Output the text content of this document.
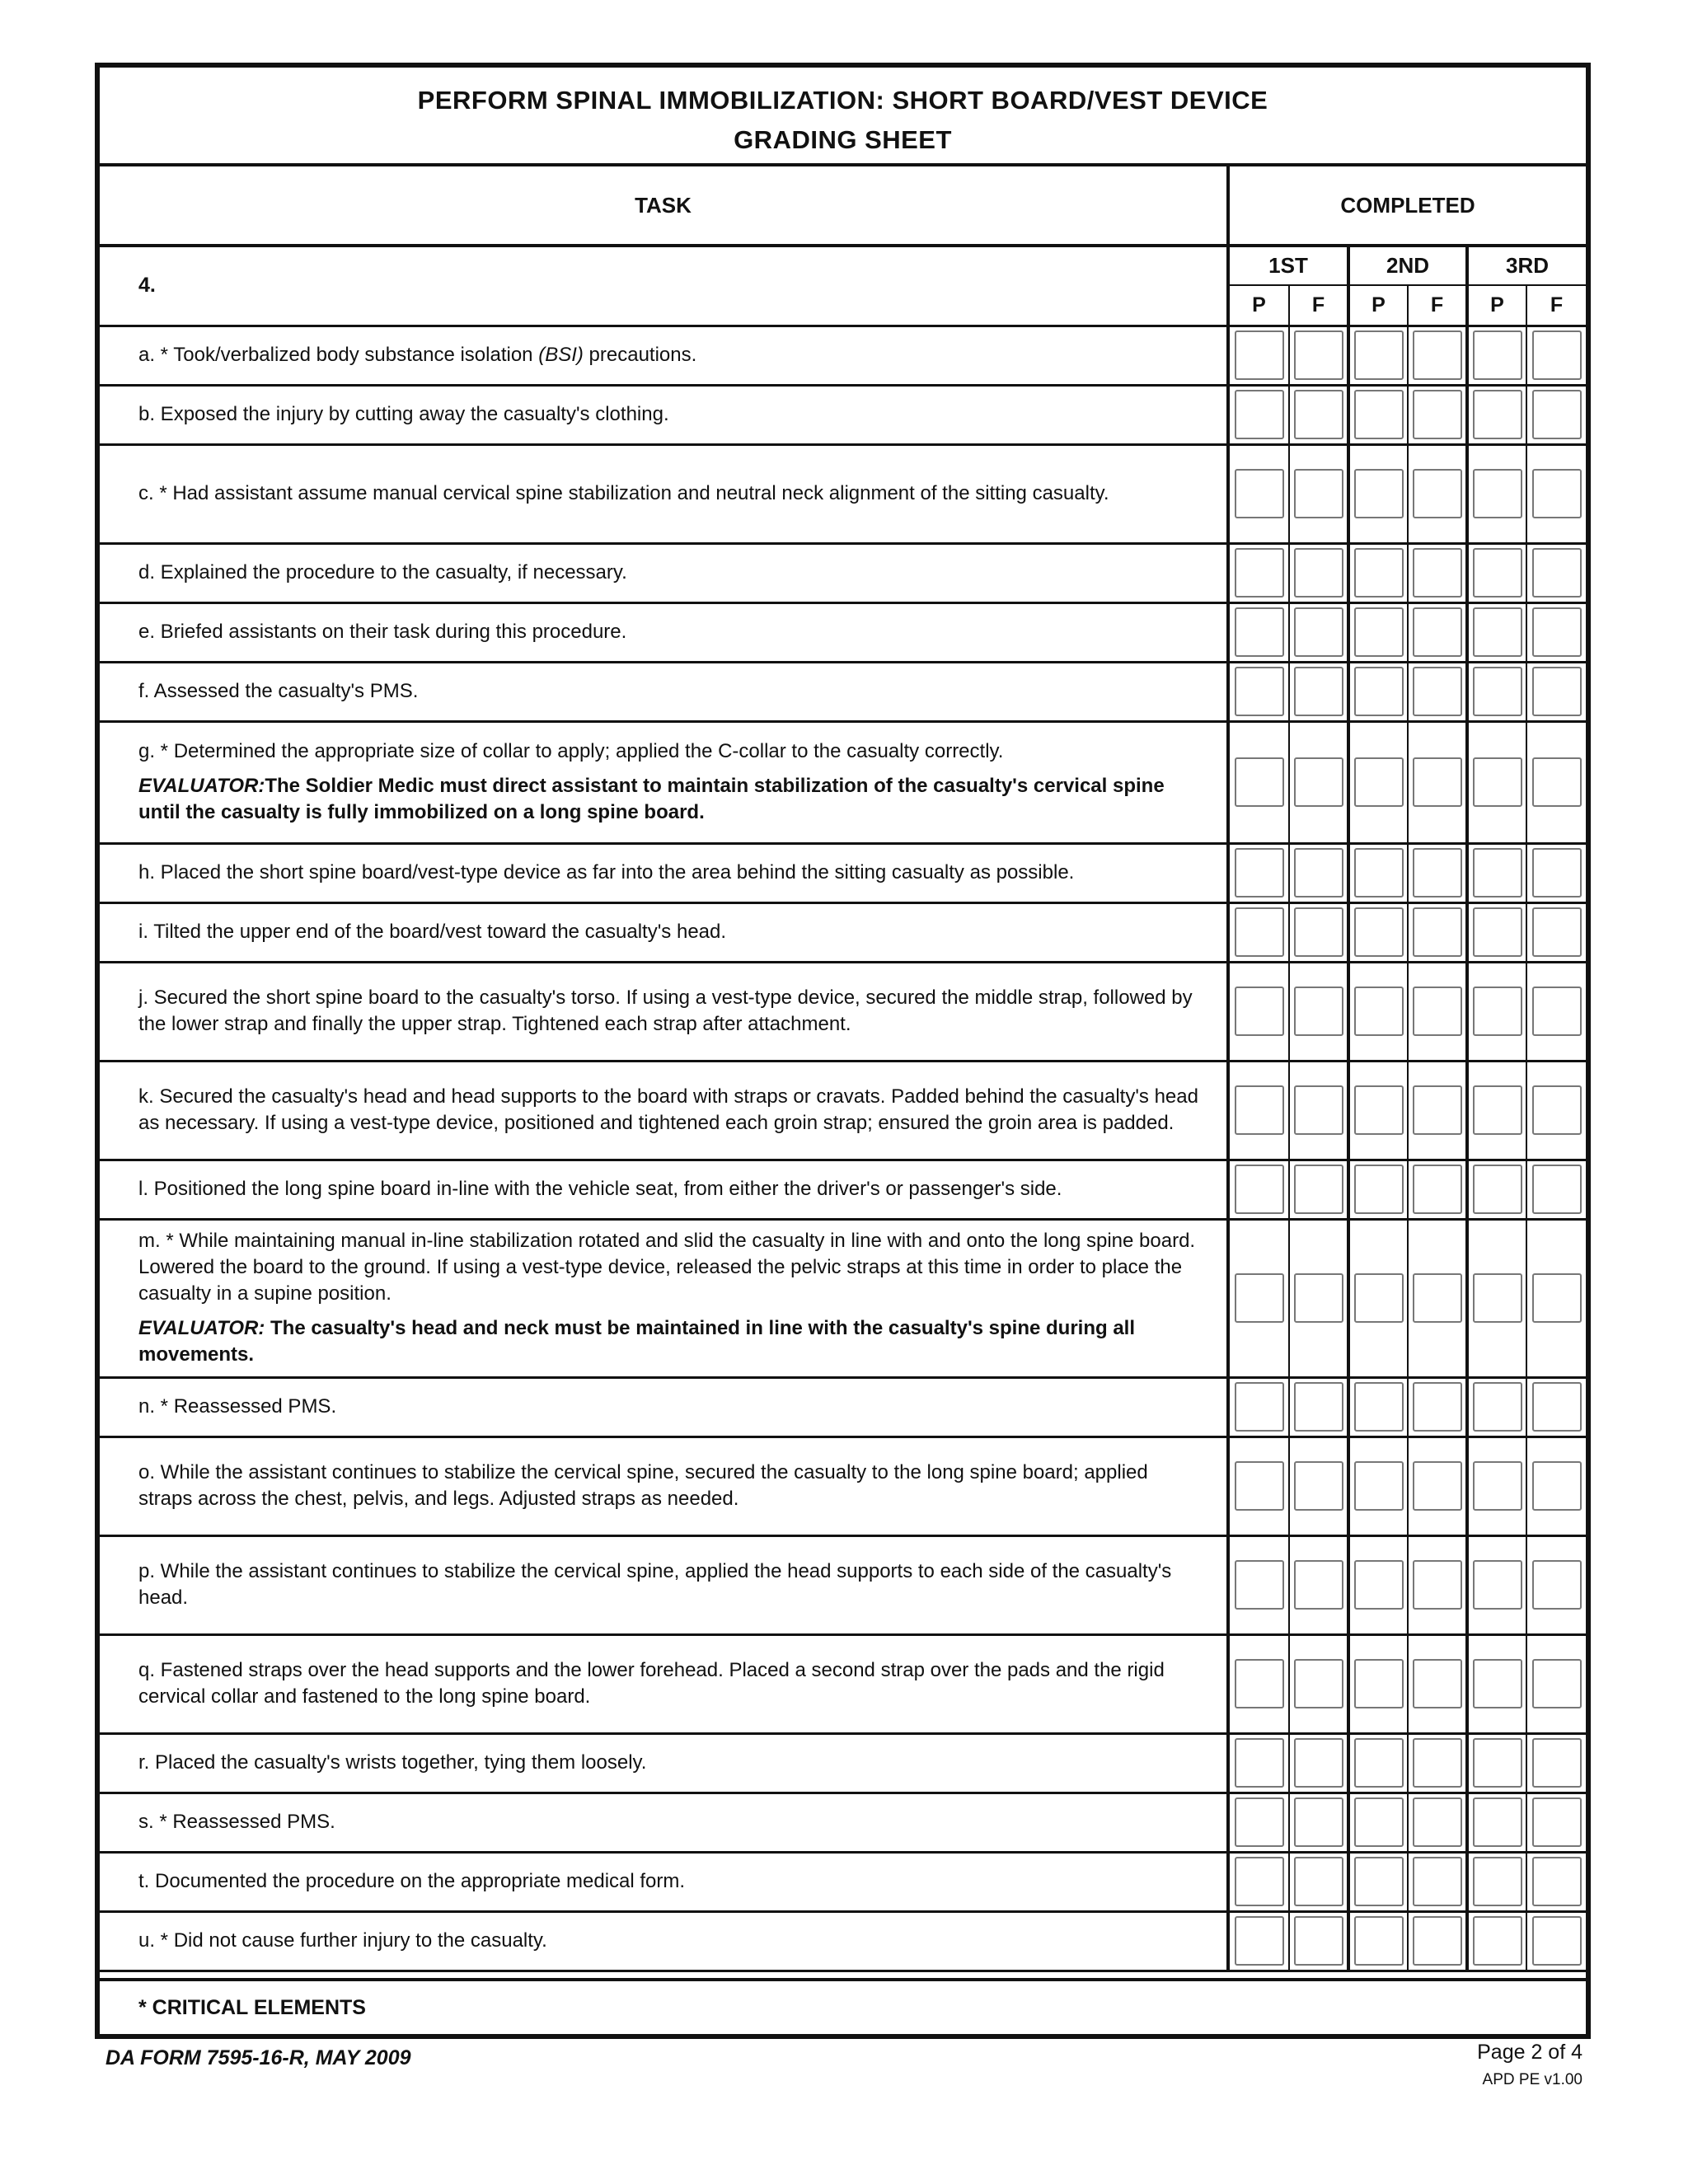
PERFORM SPINAL IMMOBILIZATION: SHORT BOARD/VEST DEVICE
GRADING SHEET
TASK	COMPLETED					
4.	1ST		2ND		3RD	
	P	F	P	F	P	F
a. * Took/verbalized body substance isolation (BSI) precautions.						
b. Exposed the injury by cutting away the casualty's clothing.						
c. * Had assistant assume manual cervical spine stabilization and neutral neck alignment of the sitting casualty.						
d. Explained the procedure to the casualty, if necessary.						
e. Briefed assistants on their task during this procedure.						
f. Assessed the casualty's PMS.						
g. * Determined the appropriate size of collar to apply; applied the C-collar to the casualty correctly.
EVALUATOR:The Soldier Medic must direct assistant to maintain stabilization of the casualty's cervical spine until the casualty is fully immobilized on a long spine board.						

h. Placed the short spine board/vest-type device as far into the area behind the sitting casualty as possible.						
i. Tilted the upper end of the board/vest toward the casualty's head.						
j. Secured the short spine board to the casualty's torso. If using a vest-type device, secured the middle strap, followed by the lower strap and finally the upper strap. Tightened each strap after attachment.						
k. Secured the casualty's head and head supports to the board with straps or cravats. Padded behind the casualty's head as necessary. If using a vest-type device, positioned and tightened each groin strap; ensured the groin area is padded.						
l. Positioned the long spine board in-line with the vehicle seat, from either the driver's or passenger's side.						
m. * While maintaining manual in-line stabilization rotated and slid the casualty in line with and onto the long spine board. Lowered the board to the ground. If using a vest-type device, released the pelvic straps at this time in order to place the casualty in a supine position.
EVALUATOR: The casualty's head and neck must be maintained in line with the casualty's spine during all movements.						

n. * Reassessed PMS.						
o. While the assistant continues to stabilize the cervical spine, secured the casualty to the long spine board; applied straps across the chest, pelvis, and legs. Adjusted straps as needed.						
p. While the assistant continues to stabilize the cervical spine, applied the head supports to each side of the casualty's head.						
q. Fastened straps over the head supports and the lower forehead. Placed a second strap over the pads and the rigid cervical collar and fastened to the long spine board.						
r. Placed the casualty's wrists together, tying them loosely.						
s. * Reassessed PMS.						
t. Documented the procedure on the appropriate medical form.						
u. * Did not cause further injury to the casualty.						
* CRITICAL ELEMENTS
DA FORM 7595-16-R, MAY 2009	Page 2 of 4
APD PE v1.00
